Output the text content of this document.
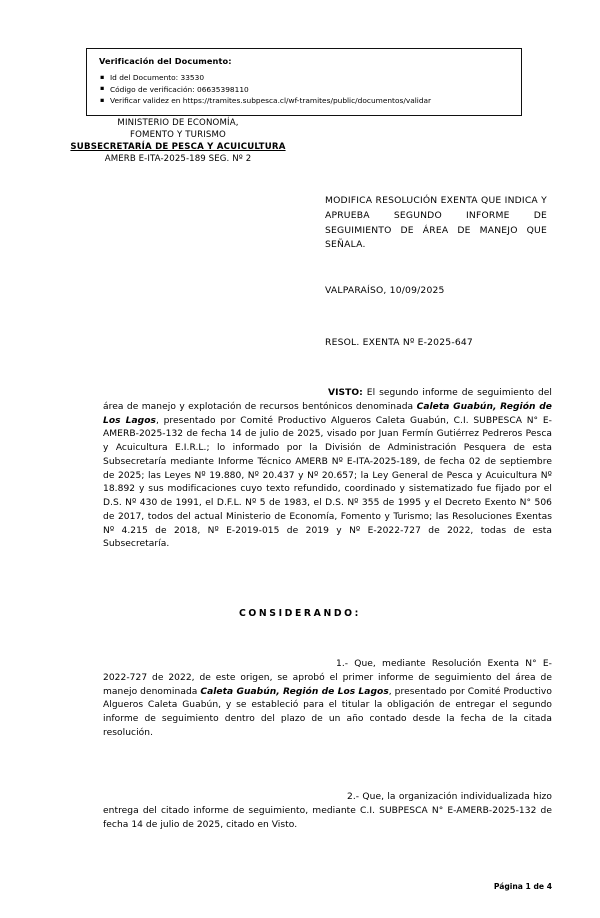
Verificación del Documento:
▪ Id del Documento: 33530
▪ Código de verificación: 06635398110
▪ Verificar validez en https://tramites.subpesca.cl/wf-tramites/public/documentos/validar
MINISTERIO DE ECONOMÍA,
FOMENTO Y TURISMO
SUBSECRETARÍA DE PESCA Y ACUICULTURA
AMERB E-ITA-2025-189 SEG. Nº 2
MODIFICA RESOLUCIÓN EXENTA QUE INDICA Y APRUEBA SEGUNDO INFORME DE SEGUIMIENTO DE ÁREA DE MANEJO QUE SEÑALA.
VALPARAÍSO, 10/09/2025
RESOL. EXENTA Nº E-2025-647

VISTO: El segundo informe de seguimiento del área de manejo y explotación de recursos bentónicos denominada Caleta Guabún, Región de Los Lagos, presentado por Comité Productivo Algueros Caleta Guabún, C.I. SUBPESCA N° E-AMERB-2025-132 de fecha 14 de julio de 2025, visado por Juan Fermín Gutiérrez Pedreros Pesca y Acuicultura E.I.R.L.; lo informado por la División de Administración Pesquera de esta Subsecretaría mediante Informe Técnico AMERB Nº E-ITA-2025-189, de fecha 02 de septiembre de 2025; las Leyes Nº 19.880, Nº 20.437 y Nº 20.657; la Ley General de Pesca y Acuicultura Nº 18.892 y sus modificaciones cuyo texto refundido, coordinado y sistematizado fue fijado por el D.S. Nº 430 de 1991, el D.F.L. Nº 5 de 1983, el D.S. Nº 355 de 1995 y el Decreto Exento N° 506 de 2017, todos del actual Ministerio de Economía, Fomento y Turismo; las Resoluciones Exentas Nº 4.215 de 2018, Nº E-2019-015 de 2019 y Nº E-2022-727 de 2022, todas de esta Subsecretaría.

CONSIDERANDO:

1.- Que, mediante Resolución Exenta N° E-2022-727 de 2022, de este origen, se aprobó el primer informe de seguimiento del área de manejo denominada Caleta Guabún, Región de Los Lagos, presentado por Comité Productivo Algueros Caleta Guabún, y se estableció para el titular la obligación de entregar el segundo informe de seguimiento dentro del plazo de un año contado desde la fecha de la citada resolución.

2.- Que, la organización individualizada hizo entrega del citado informe de seguimiento, mediante C.I. SUBPESCA N° E-AMERB-2025-132 de fecha 14 de julio de 2025, citado en Visto.

Página 1 de 4
